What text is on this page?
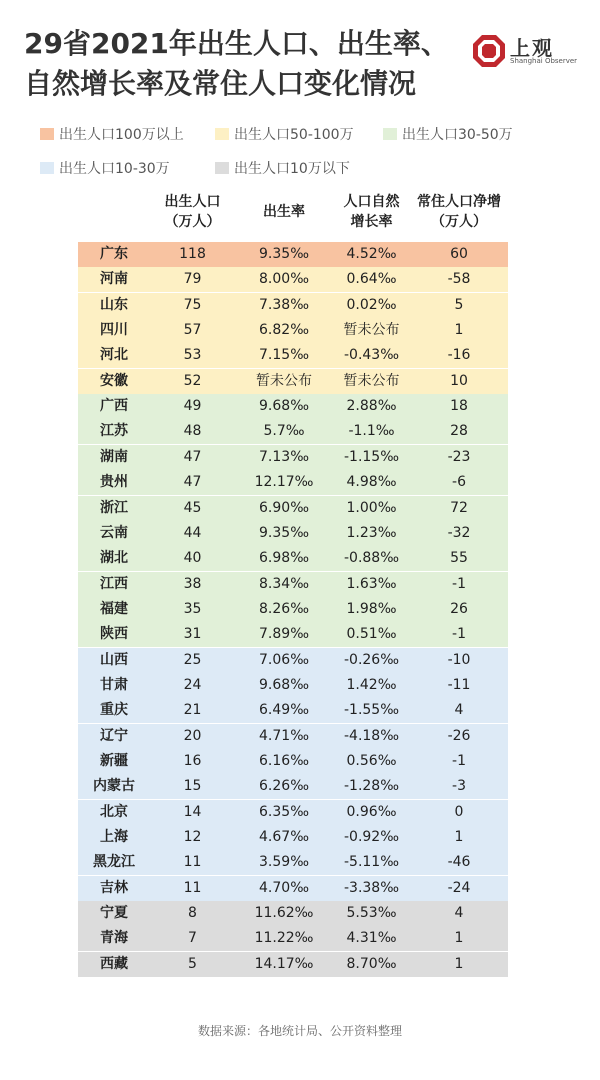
29省2021年出生人口、出生率、自然增长率及常住人口变化情况
上观
Shanghai Observer
出生人口100万以上	出生人口50-100万	出生人口30-50万
出生人口10-30万	出生人口10万以下
出生人口
（万人）
出生率
人口自然
增长率
常住人口净增
（万人）
广东	118	9.35‰	4.52‰	60
河南	79	8.00‰	0.64‰	-58
山东	75	7.38‰	0.02‰	5
四川	57	6.82‰	暂未公布	1
河北	53	7.15‰	-0.43‰	-16
安徽	52	暂未公布	暂未公布	10
广西	49	9.68‰	2.88‰	18
江苏	48	5.7‰	-1.1‰	28
湖南	47	7.13‰	-1.15‰	-23
贵州	47	12.17‰	4.98‰	-6
浙江	45	6.90‰	1.00‰	72
云南	44	9.35‰	1.23‰	-32
湖北	40	6.98‰	-0.88‰	55
江西	38	8.34‰	1.63‰	-1
福建	35	8.26‰	1.98‰	26
陕西	31	7.89‰	0.51‰	-1
山西	25	7.06‰	-0.26‰	-10
甘肃	24	9.68‰	1.42‰	-11
重庆	21	6.49‰	-1.55‰	4
辽宁	20	4.71‰	-4.18‰	-26
新疆	16	6.16‰	0.56‰	-1
内蒙古	15	6.26‰	-1.28‰	-3
北京	14	6.35‰	0.96‰	0
上海	12	4.67‰	-0.92‰	1
黑龙江	11	3.59‰	-5.11‰	-46
吉林	11	4.70‰	-3.38‰	-24
宁夏	8	11.62‰	5.53‰	4
青海	7	11.22‰	4.31‰	1
西藏	5	14.17‰	8.70‰	1
数据来源：各地统计局、公开资料整理
